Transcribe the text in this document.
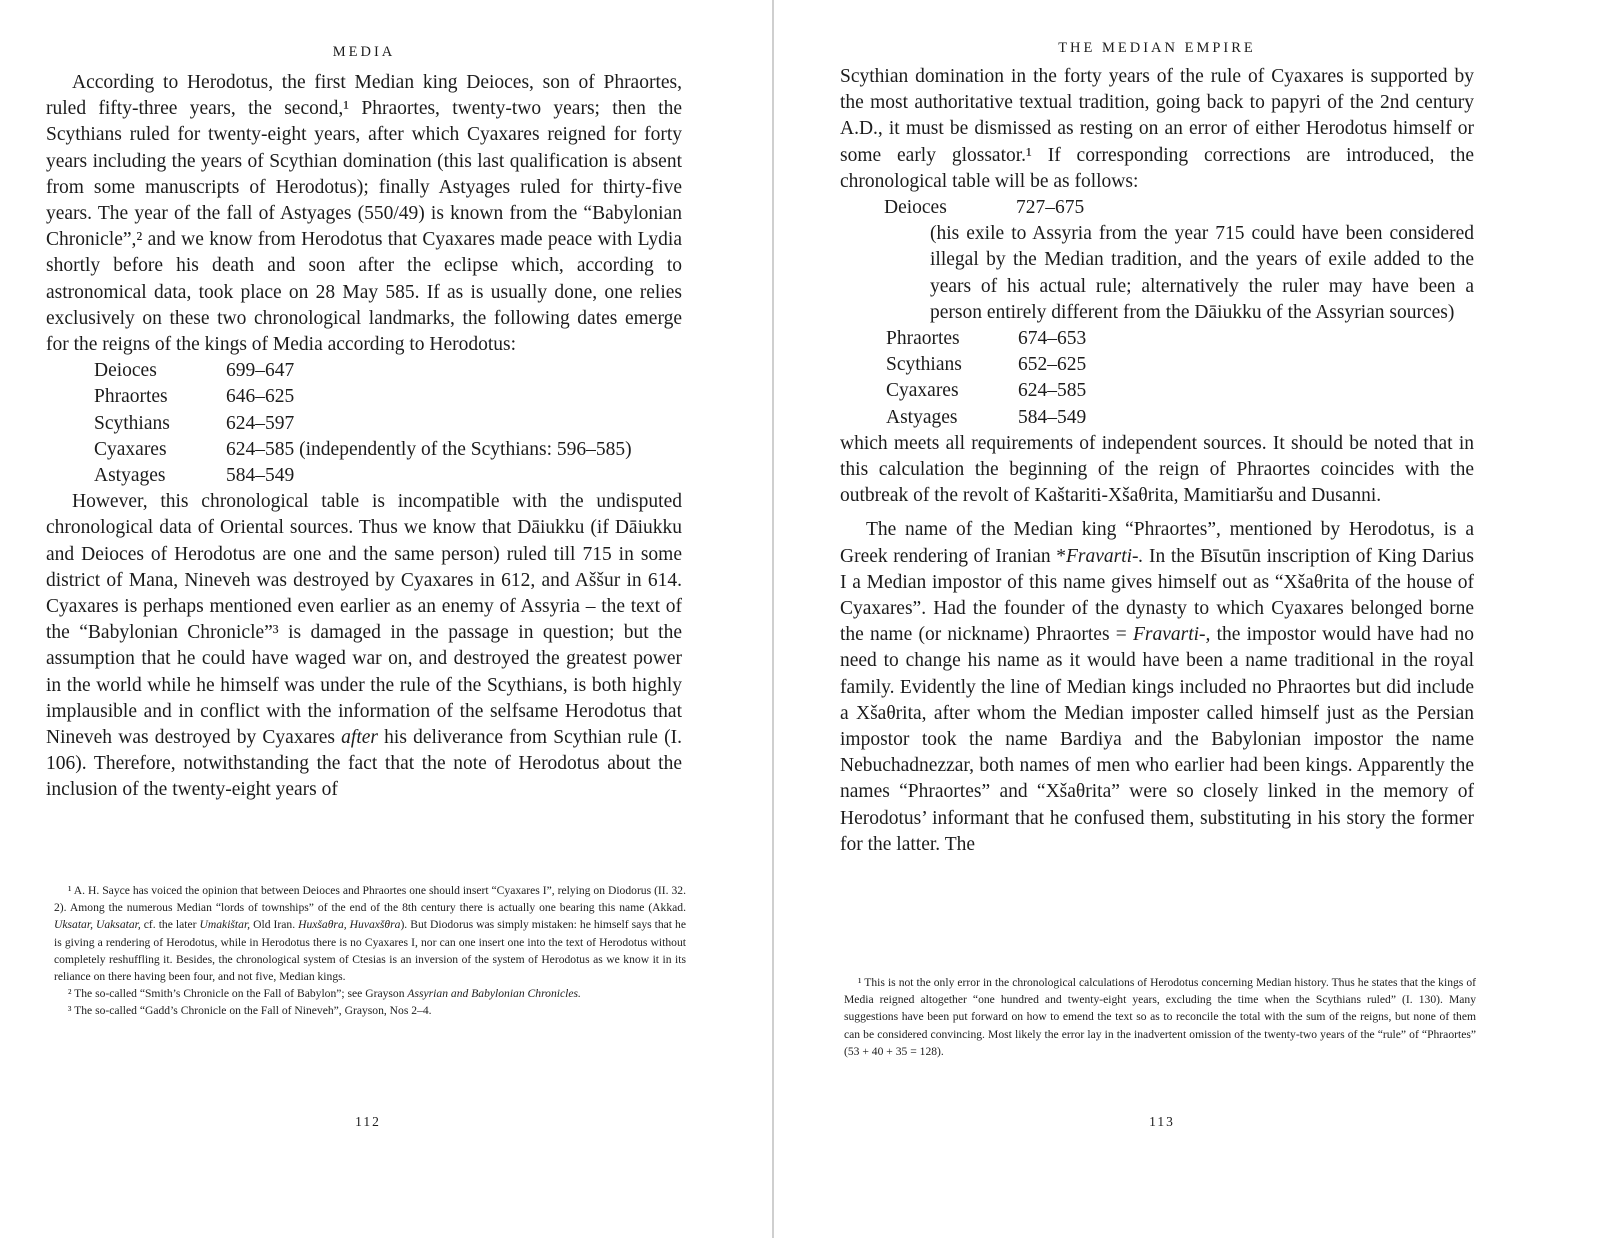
MEDIA

According to Herodotus, the first Median king Deioces, son of Phraortes, ruled fifty-three years, the second,¹ Phraortes, twenty-two years; then the Scythians ruled for twenty-eight years, after which Cyaxares reigned for forty years including the years of Scythian domination (this last qualification is absent from some manuscripts of Herodotus); finally Astyages ruled for thirty-five years. The year of the fall of Astyages (550/49) is known from the “Babylonian Chronicle”,² and we know from Herodotus that Cyaxares made peace with Lydia shortly before his death and soon after the eclipse which, according to astronomical data, took place on 28 May 585. If as is usually done, one relies exclusively on these two chronological landmarks, the following dates emerge for the reigns of the kings of Media according to Herodotus:

Deioces	699–647
Phraortes	646–625
Scythians	624–597
Cyaxares	624–585 (independently of the Scythians: 596–585)
Astyages	584–549

However, this chronological table is incompatible with the undisputed chronological data of Oriental sources. Thus we know that Dāiukku (if Dāiukku and Deioces of Herodotus are one and the same person) ruled till 715 in some district of Mana, Nineveh was destroyed by Cyaxares in 612, and Aššur in 614. Cyaxares is perhaps mentioned even earlier as an enemy of Assyria – the text of the “Babylonian Chronicle”³ is damaged in the passage in question; but the assumption that he could have waged war on, and destroyed the greatest power in the world while he himself was under the rule of the Scythians, is both highly implausible and in conflict with the information of the selfsame Herodotus that Nineveh was destroyed by Cyaxares after his deliverance from Scythian rule (I. 106). Therefore, notwithstanding the fact that the note of Herodotus about the inclusion of the twenty-eight years of

¹ A. H. Sayce has voiced the opinion that between Deioces and Phraortes one should insert “Cyaxares I”, relying on Diodorus (II. 32. 2). Among the numerous Median “lords of townships” of the end of the 8th century there is actually one bearing this name (Akkad. Uksatar, Uaksatar, cf. the later Umakištar, Old Iran. Huxšaθra, Huvaxšθra). But Diodorus was simply mistaken: he himself says that he is giving a rendering of Herodotus, while in Herodotus there is no Cyaxares I, nor can one insert one into the text of Herodotus without completely reshuffling it. Besides, the chronological system of Ctesias is an inversion of the system of Herodotus as we know it in its reliance on there having been four, and not five, Median kings.

² The so-called “Smith’s Chronicle on the Fall of Babylon”; see Grayson Assyrian and Babylonian Chronicles.

³ The so-called “Gadd’s Chronicle on the Fall of Nineveh”, Grayson, Nos 2–4.

112
THE MEDIAN EMPIRE

Scythian domination in the forty years of the rule of Cyaxares is supported by the most authoritative textual tradition, going back to papyri of the 2nd century A.D., it must be dismissed as resting on an error of either Herodotus himself or some early glossator.¹ If corresponding corrections are introduced, the chronological table will be as follows:

Deioces	727–675

(his exile to Assyria from the year 715 could have been considered illegal by the Median tradition, and the years of exile added to the years of his actual rule; alternatively the ruler may have been a person entirely different from the Dāiukku of the Assyrian sources)

Phraortes	674–653
Scythians	652–625
Cyaxares	624–585
Astyages	584–549

which meets all requirements of independent sources. It should be noted that in this calculation the beginning of the reign of Phraortes coincides with the outbreak of the revolt of Kaštariti-Xšaθrita, Mamitiaršu and Dusanni.

The name of the Median king “Phraortes”, mentioned by Herodotus, is a Greek rendering of Iranian *Fravarti-. In the Bīsutūn inscription of King Darius I a Median impostor of this name gives himself out as “Xšaθrita of the house of Cyaxares”. Had the founder of the dynasty to which Cyaxares belonged borne the name (or nickname) Phraortes = Fravarti-, the impostor would have had no need to change his name as it would have been a name traditional in the royal family. Evidently the line of Median kings included no Phraortes but did include a Xšaθrita, after whom the Median imposter called himself just as the Persian impostor took the name Bardiya and the Babylonian impostor the name Nebuchadnezzar, both names of men who earlier had been kings. Apparently the names “Phraortes” and “Xšaθrita” were so closely linked in the memory of Herodotus’ informant that he confused them, substituting in his story the former for the latter. The

¹ This is not the only error in the chronological calculations of Herodotus concerning Median history. Thus he states that the kings of Media reigned altogether “one hundred and twenty-eight years, excluding the time when the Scythians ruled” (I. 130). Many suggestions have been put forward on how to emend the text so as to reconcile the total with the sum of the reigns, but none of them can be considered convincing. Most likely the error lay in the inadvertent omission of the twenty-two years of the “rule” of “Phraortes” (53 + 40 + 35 = 128).

113
